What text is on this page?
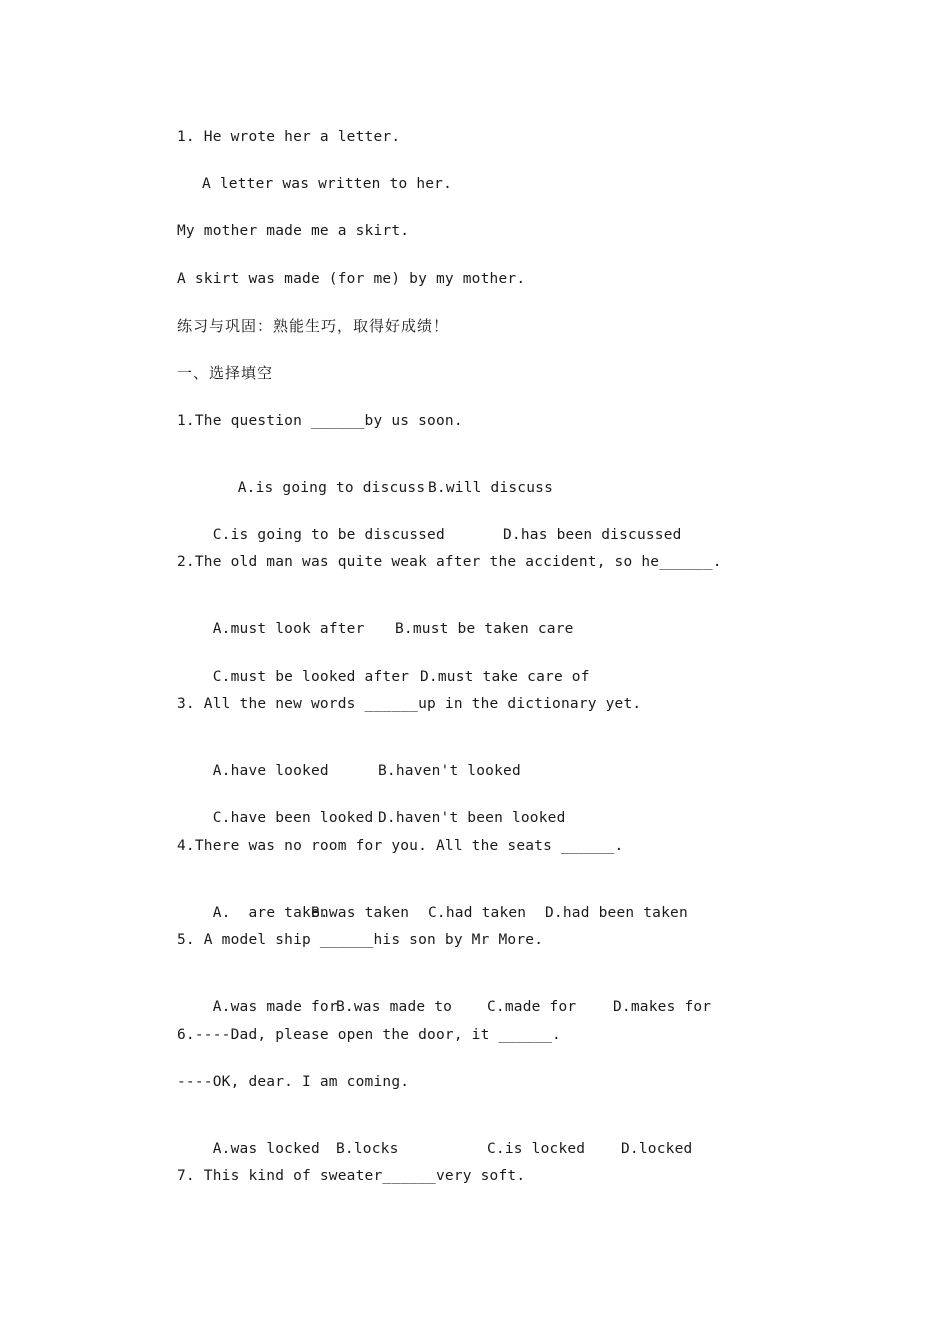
1. He wrote her a letter.
A letter was written to her.
My mother made me a skirt.
A skirt was made (for me) by my mother.
练习与巩固：熟能生巧，取得好成绩！
一、选择填空
1.The question ______by us soon.

A.is going to discuss B.will discuss

C.is going to be discussed	D.has been discussed

2.The old man was quite weak after the accident, so he______.

A.must look after B.must be taken care

C.must be looked after D.must take care of

3. All the new words ______up in the dictionary yet.

A.have looked	B.haven't looked

C.have been looked D.haven't been looked

4.There was no room for you. All the seats ______.

A.  are taken
B.was taken C.had taken D.had been taken

5. A model ship ______his son by Mr More.

A.was made for
B.was made to C.made for	D.makes for

6.----Dad, please open the door, it ______.
----OK, dear. I am coming.

A.was locked B.locks	C.is locked D.locked

7. This kind of sweater______very soft.
